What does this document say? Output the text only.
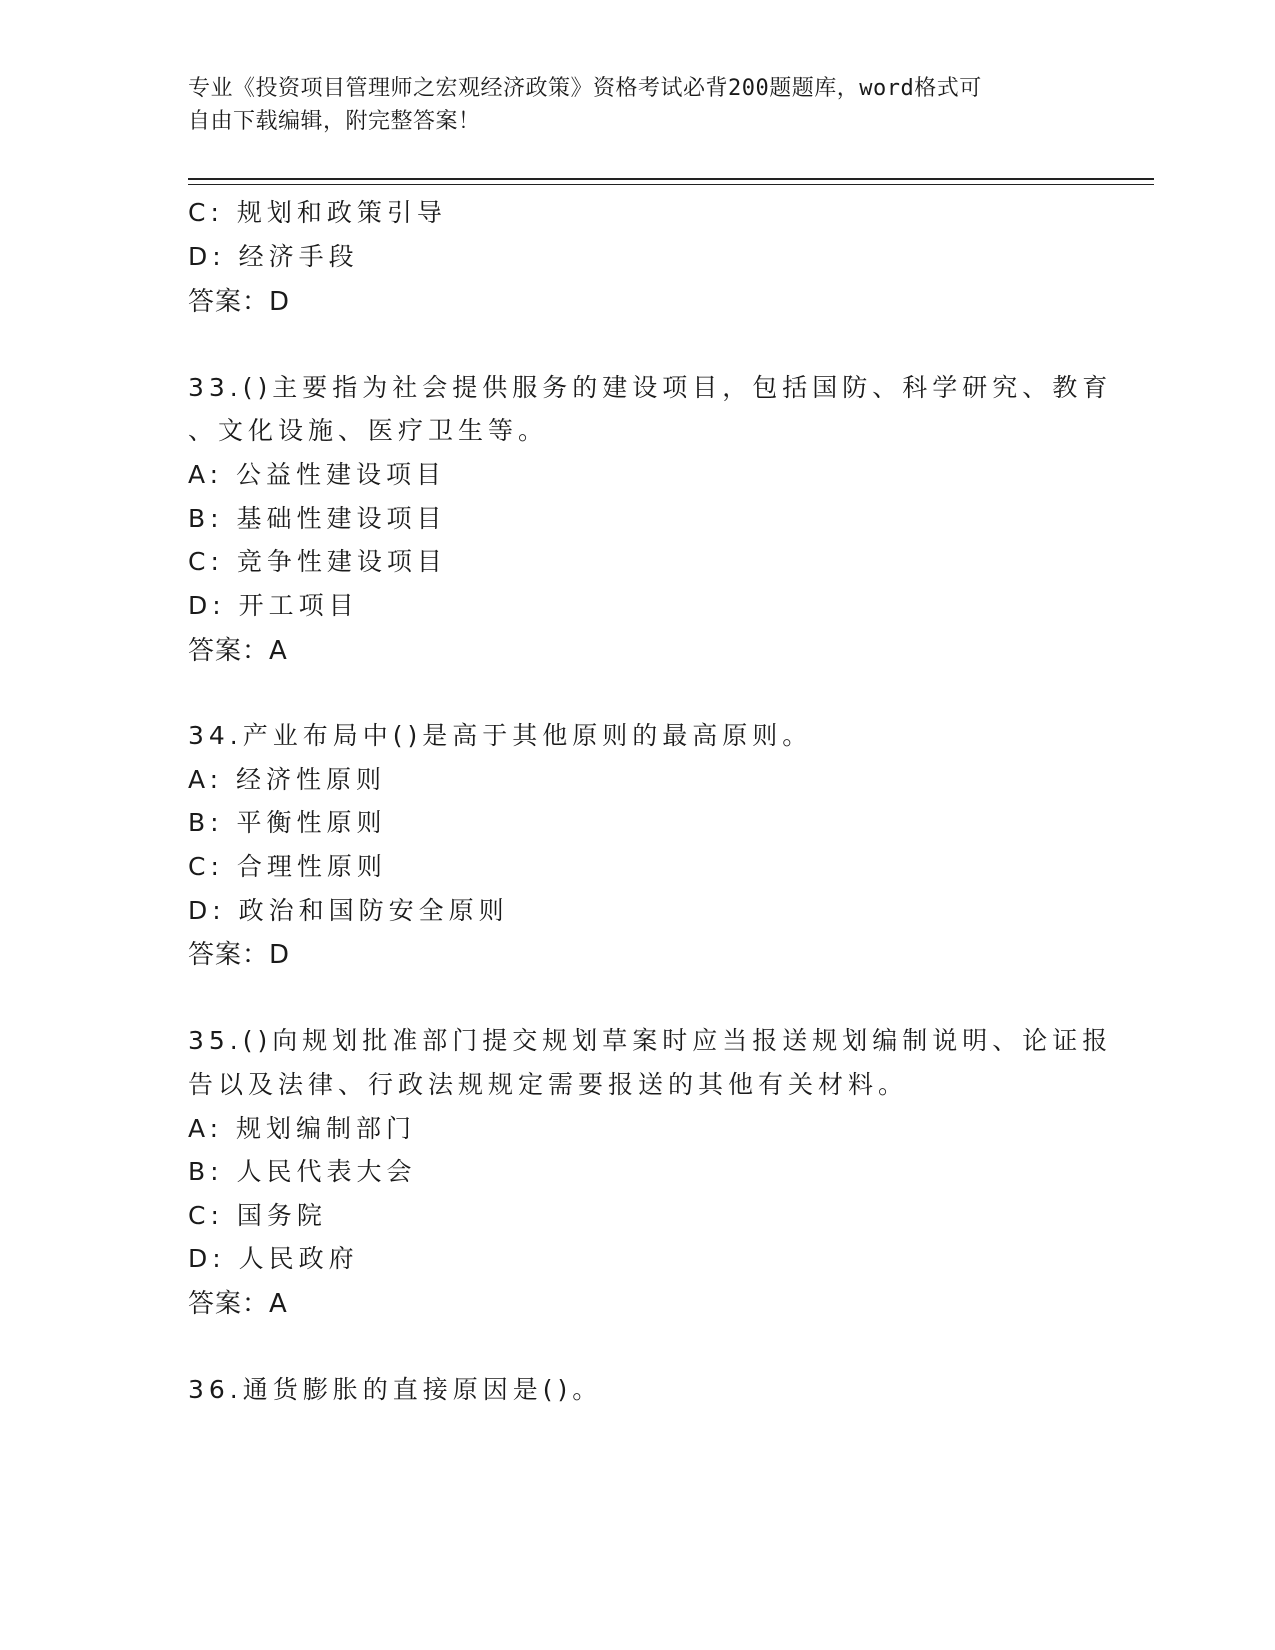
专业《投资项目管理师之宏观经济政策》资格考试必背200题题库，word格式可
自由下载编辑，附完整答案！
C: 规划和政策引导
D: 经济手段
答案：D
33.()主要指为社会提供服务的建设项目，包括国防、科学研究、教育
、文化设施、医疗卫生等。
A: 公益性建设项目
B: 基础性建设项目
C: 竞争性建设项目
D: 开工项目
答案：A
34.产业布局中()是高于其他原则的最高原则。
A: 经济性原则
B: 平衡性原则
C: 合理性原则
D: 政治和国防安全原则
答案：D
35.()向规划批准部门提交规划草案时应当报送规划编制说明、论证报
告以及法律、行政法规规定需要报送的其他有关材料。
A: 规划编制部门
B: 人民代表大会
C: 国务院
D: 人民政府
答案：A
36.通货膨胀的直接原因是()。
